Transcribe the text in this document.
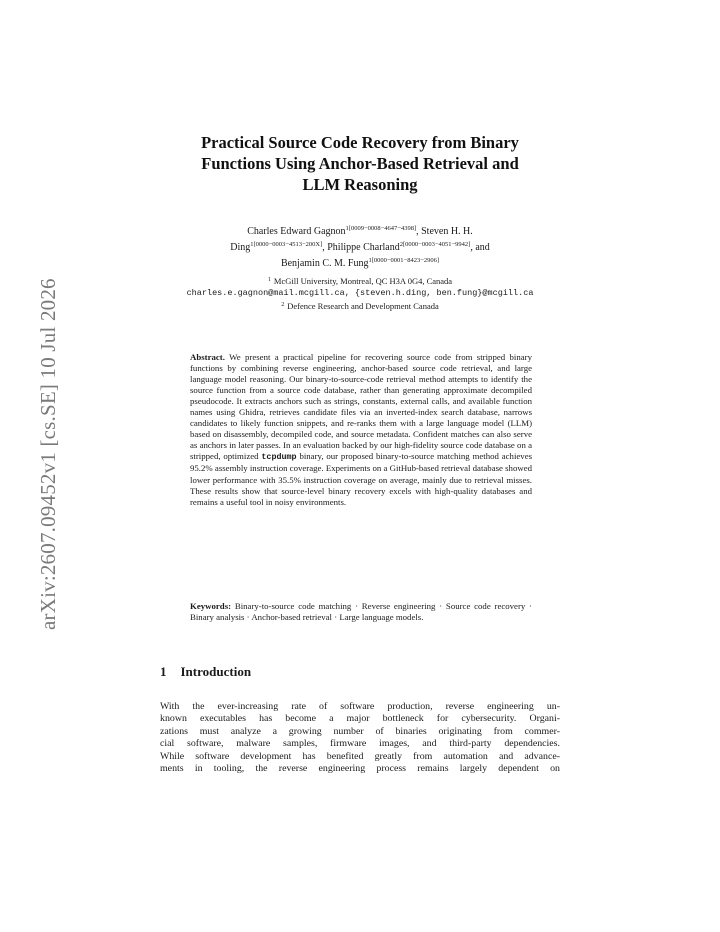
arXiv:2607.09452v1 [cs.SE] 10 Jul 2026
Practical Source Code Recovery from Binary
Functions Using Anchor-Based Retrieval and
LLM Reasoning
Charles Edward Gagnon$^{1[0009-0008-4647-4398]}$, Steven H. H.
Ding$^{1[0000-0003-4513-200X]}$, Philippe Charland$^{2[0000-0003-4051-9942]}$, and
Benjamin C. M. Fung$^{1[0000-0001-8423-2906]}$
$^1$ McGill University, Montreal, QC H3A 0G4, Canada
charles.e.gagnon@mail.mcgill.ca, {steven.h.ding, ben.fung}@mcgill.ca
$^2$ Defence Research and Development Canada
Abstract. We present a practical pipeline for recovering source code from stripped binary functions by combining reverse engineering, anchor-based source code retrieval, and large language model reasoning. Our binary-to-source-code retrieval method attempts to identify the source function from a source code database, rather than generating approximate decompiled pseudocode. It extracts anchors such as strings, constants, external calls, and available function names using Ghidra, retrieves candidate files via an inverted-index search database, narrows candidates to likely function snippets, and re-ranks them with a large language model (LLM) based on disassembly, decompiled code, and source metadata. Confident matches can also serve as anchors in later passes. In an evaluation backed by our high-fidelity source code database on a stripped, optimized tcpdump binary, our proposed binary-to-source matching method achieves 95.2% assembly instruction coverage. Experiments on a GitHub-based retrieval database showed lower performance with 35.5% instruction coverage on average, mainly due to retrieval misses. These results show that source-level binary recovery excels with high-quality databases and remains a useful tool in noisy environments.
Keywords: Binary-to-source code matching · Reverse engineering · Source code recovery · Binary analysis · Anchor-based retrieval · Large language models.
1 Introduction
With the ever-increasing rate of software production, reverse engineering un-
known executables has become a major bottleneck for cybersecurity. Organi-
zations must analyze a growing number of binaries originating from commer-
cial software, malware samples, firmware images, and third-party dependencies.
While software development has benefited greatly from automation and advance-
ments in tooling, the reverse engineering process remains largely dependent on
